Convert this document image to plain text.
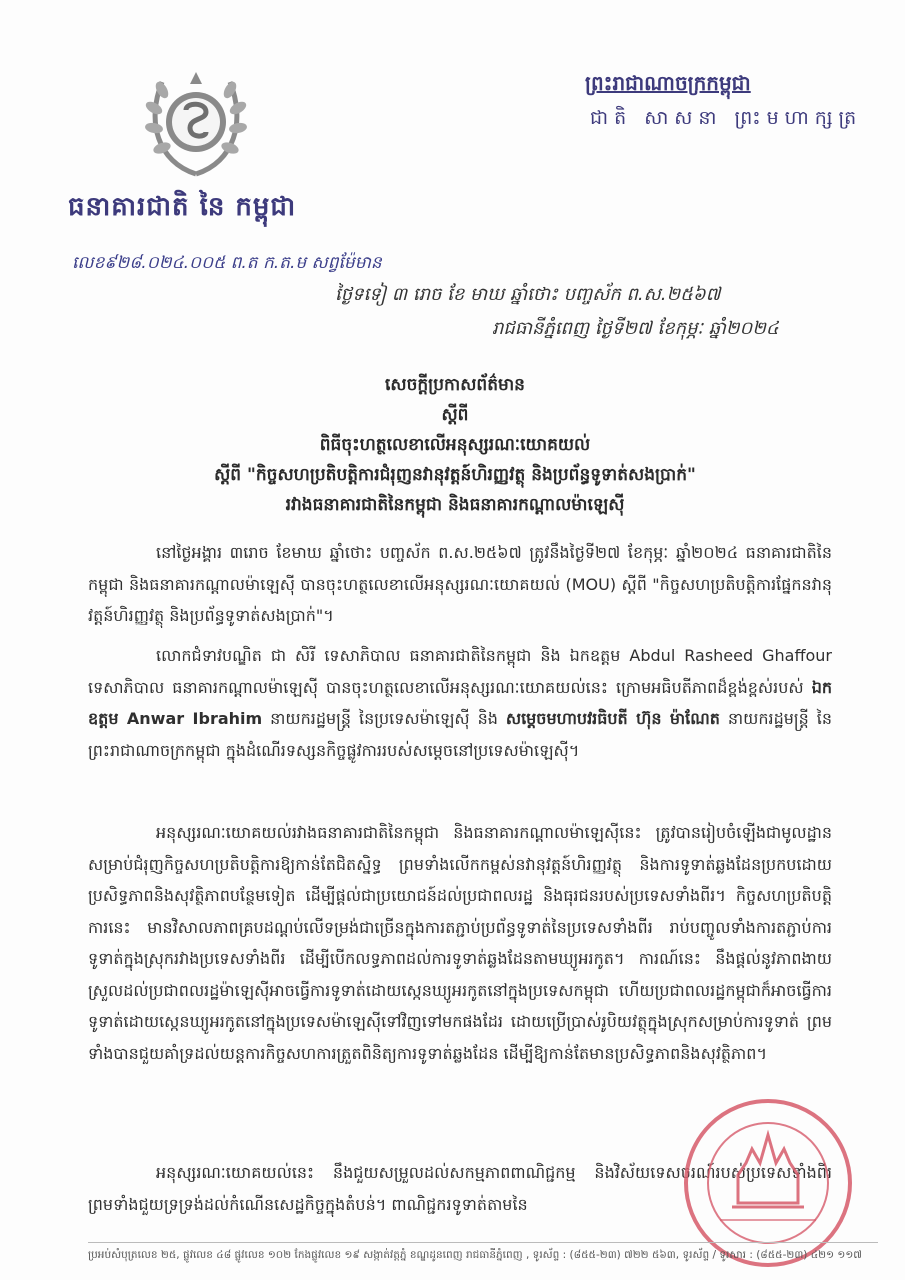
ធនាគារជាតិ នៃ កម្ពុជា
លេខ៩២៨.០២៤.០០៥ ព.ត ក.ត.ម សព្វម៉ែមាន
ព្រះរាជាណាចក្រកម្ពុជា
ជាតិ សាសនា ព្រះមហាក្សត្រ
ថ្ងៃទទៀ ៣ រោច ខែ មាឃ ឆ្នាំថោះ បញ្ចស័ក ព.ស.២៥៦៧
រាជធានីភ្នំពេញ ថ្ងៃទី២៧ ខែកុម្ភៈ ឆ្នាំ២០២៤
សេចក្តីប្រកាសព័ត៌មាន
ស្តីពី
ពិធីចុះហត្ថលេខាលើអនុស្សរណៈយោគយល់
ស្តីពី "កិច្ចសហប្រតិបត្តិការជំរុញនវានុវត្តន៍ហិរញ្ញវត្ថុ និងប្រព័ន្ធទូទាត់សងប្រាក់"
រវាងធនាគារជាតិនៃកម្ពុជា និងធនាគារកណ្តាលម៉ាឡេស៊ី
នៅថ្ងៃអង្គារ ៣រោច ខែមាឃ ឆ្នាំថោះ បញ្ចស័ក ព.ស.២៥៦៧ ត្រូវនឹងថ្ងៃទី២៧ ខែកុម្ភៈ ឆ្នាំ២០២៤ ធនាគារជាតិនៃកម្ពុជា និងធនាគារកណ្តាលម៉ាឡេស៊ី បានចុះហត្ថលេខាលើអនុស្សរណៈយោគយល់ (MOU) ស្តីពី "កិច្ចសហប្រតិបត្តិការផ្នែកនវានុវត្តន៍ហិរញ្ញវត្ថុ និងប្រព័ន្ធទូទាត់សងប្រាក់"។
លោកជំទាវបណ្ឌិត ជា សិរី ទេសាភិបាល ធនាគារជាតិនៃកម្ពុជា និង ឯកឧត្តម Abdul Rasheed Ghaffour ទេសាភិបាល ធនាគារកណ្តាលម៉ាឡេស៊ី បានចុះហត្ថលេខាលើអនុស្សរណៈយោគយល់នេះ ក្រោមអធិបតីភាពដ៏ខ្ពង់ខ្ពស់របស់ ឯកឧត្តម Anwar Ibrahim នាយករដ្ឋមន្ត្រី នៃប្រទេសម៉ាឡេស៊ី និង សម្តេចមហាបវរធិបតី ហ៊ុន ម៉ាណែត នាយករដ្ឋមន្ត្រី នៃព្រះរាជាណាចក្រកម្ពុជា ក្នុងដំណើរទស្សនកិច្ចផ្លូវការរបស់សម្តេចនៅប្រទេសម៉ាឡេស៊ី។
អនុស្សរណៈយោគយល់រវាងធនាគារជាតិនៃកម្ពុជា និងធនាគារកណ្តាលម៉ាឡេស៊ីនេះ ត្រូវបានរៀបចំឡើងជាមូលដ្ឋានសម្រាប់ជំរុញកិច្ចសហប្រតិបត្តិការឱ្យកាន់តែជិតស្និទ្ធ ព្រមទាំងលើកកម្ពស់នវានុវត្តន៍ហិរញ្ញវត្ថុ និងការទូទាត់ឆ្លងដែនប្រកបដោយប្រសិទ្ធភាពនិងសុវត្ថិភាពបន្ថែមទៀត ដើម្បីផ្តល់ជាប្រយោជន៍ដល់ប្រជាពលរដ្ឋ និងធុរជនរបស់ប្រទេសទាំងពីរ។ កិច្ចសហប្រតិបត្តិការនេះ មានវិសាលភាពគ្របដណ្តប់លើទម្រង់ជាច្រើនក្នុងការតភ្ជាប់ប្រព័ន្ធទូទាត់នៃប្រទេសទាំងពីរ រាប់បញ្ចូលទាំងការតភ្ជាប់ការទូទាត់ក្នុងស្រុករវាងប្រទេសទាំងពីរ ដើម្បីបើកលទ្ធភាពដល់ការទូទាត់ឆ្លងដែនតាមឃ្យូអរកូត។ ការណ៍នេះ នឹងផ្តល់នូវភាពងាយស្រួលដល់ប្រជាពលរដ្ឋម៉ាឡេស៊ីអាចធ្វើការទូទាត់ដោយស្កេនឃ្យូអរកូតនៅក្នុងប្រទេសកម្ពុជា ហើយប្រជាពលរដ្ឋកម្ពុជាក៏អាចធ្វើការទូទាត់ដោយស្កេនឃ្យូអរកូតនៅក្នុងប្រទេសម៉ាឡេស៊ីទៅវិញទៅមកផងដែរ ដោយប្រើប្រាស់រូបិយវត្ថុក្នុងស្រុកសម្រាប់ការទូទាត់ ព្រមទាំងបានជួយគាំទ្រដល់យន្តការកិច្ចសហការត្រួតពិនិត្យការទូទាត់ឆ្លងដែន ដើម្បីឱ្យកាន់តែមានប្រសិទ្ធភាពនិងសុវត្ថិភាព។
អនុស្សរណៈយោគយល់នេះ នឹងជួយសម្រួលដល់សកម្មភាពពាណិជ្ជកម្ម និងវិស័យទេសចរណ៍របស់ប្រទេសទាំងពីរ ព្រមទាំងជួយទ្រទ្រង់ដល់កំណើនសេដ្ឋកិច្ចក្នុងតំបន់។ ពាណិជ្ជករទូទាត់តាមនៃ
ប្រអប់សំបុត្រលេខ ២៥, ផ្លូវលេខ ៤៨ ផ្លូវលេខ ១០២ កែងផ្លូវលេខ ១៩ សង្កាត់វត្តភ្នំ ខណ្ឌដូនពេញ រាជធានីភ្នំពេញ , ទូរស័ព្ទ : (៨៥៥-២៣) ៧២២ ៥៦៣, ទូរស័ព្ទ / ទូរសារ : (៨៥៥-២៣) ៤២១ ១១៧
